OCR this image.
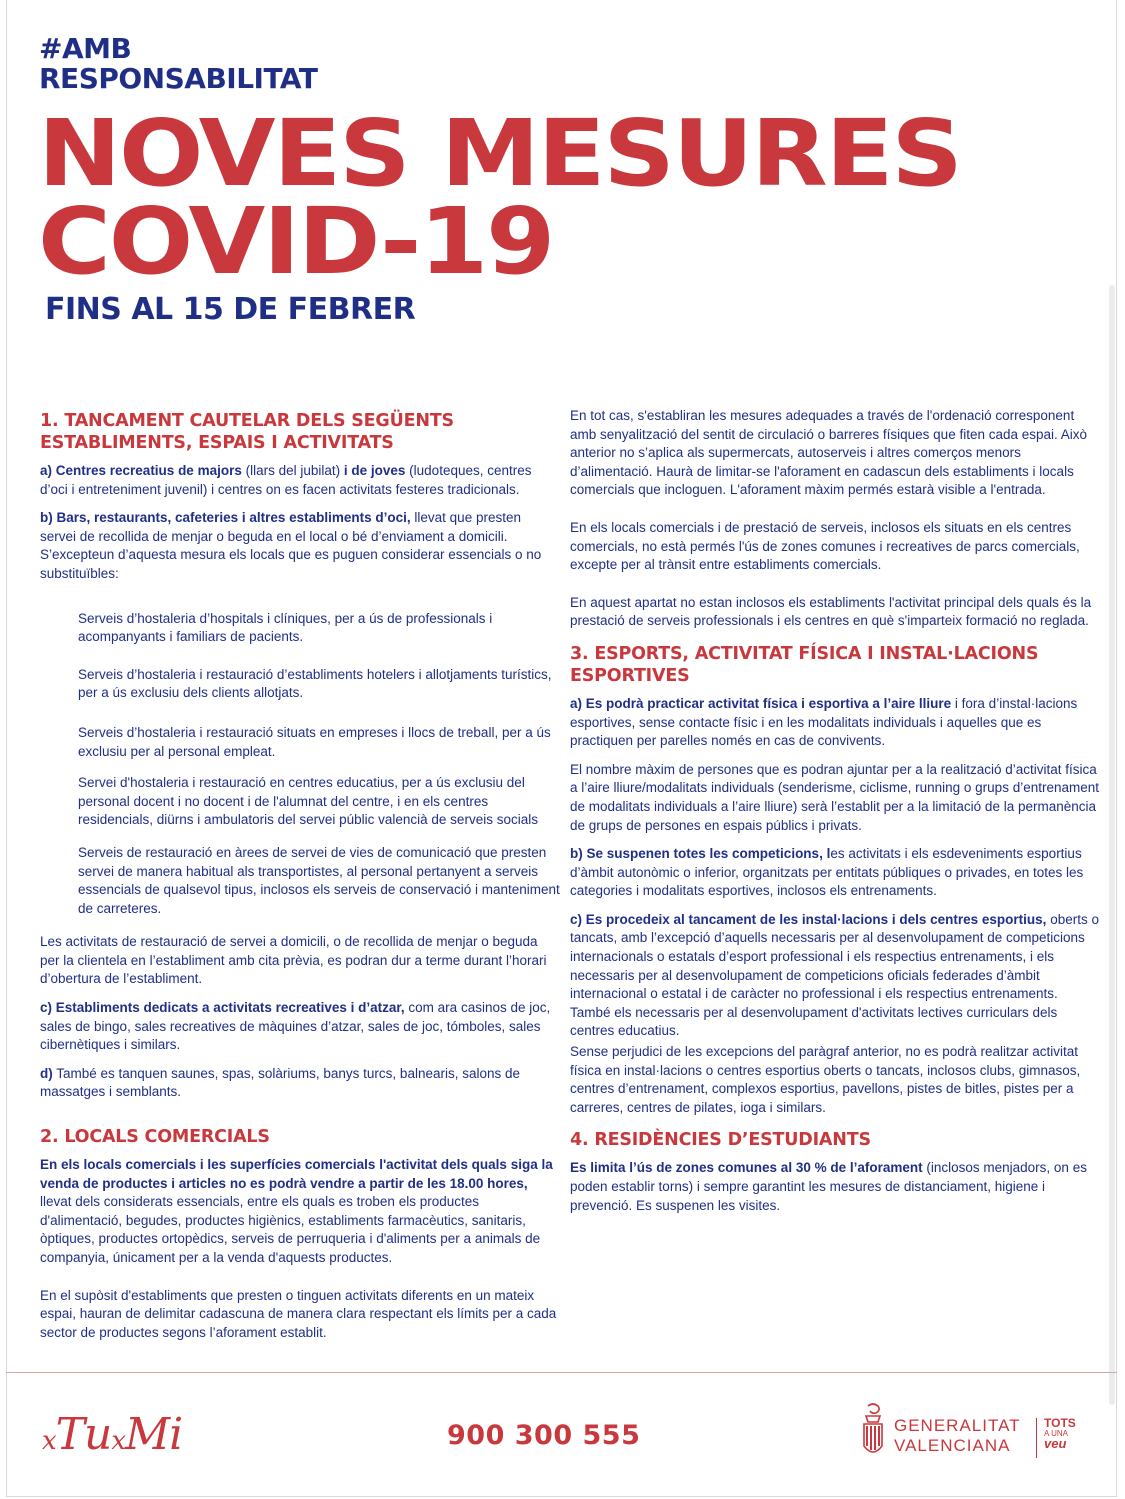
#AMB
RESPONSABILITAT
NOVES MESURES
COVID-19
FINS AL 15 DE FEBRER
1. TANCAMENT CAUTELAR DELS SEGÜENTS
ESTABLIMENTS, ESPAIS I ACTIVITATS

a) Centres recreatius de majors (llars del jubilat) i de joves (ludoteques, centres d’oci i entreteniment juvenil) i centres on es facen activitats festeres tradicionals.

b) Bars, restaurants, cafeteries i altres establiments d’oci, llevat que presten servei de recollida de menjar o beguda en el local o bé d’enviament a domicili. S’excepteun d’aquesta mesura els locals que es puguen considerar essencials o no substituïbles:

Serveis d’hostaleria d’hospitals i clíniques, per a ús de professionals i acompanyants i familiars de pacients.

Serveis d’hostaleria i restauració d’establiments hotelers i allotjaments turístics, per a ús exclusiu dels clients allotjats.

Serveis d’hostaleria i restauració situats en empreses i llocs de treball, per a ús exclusiu per al personal empleat.

Servei d'hostaleria i restauració en centres educatius, per a ús exclusiu del personal docent i no docent i de l'alumnat del centre, i en els centres residencials, diürns i ambulatoris del servei públic valencià de serveis socials

Serveis de restauració en àrees de servei de vies de comunicació que presten servei de manera habitual als transportistes, al personal pertanyent a serveis essencials de qualsevol tipus, inclosos els serveis de conservació i manteniment de carreteres.

Les activitats de restauració de servei a domicili, o de recollida de menjar o beguda per la clientela en l’establiment amb cita prèvia, es podran dur a terme durant l’horari d’obertura de l’establiment.

c) Establiments dedicats a activitats recreatives i d’atzar, com ara casinos de joc, sales de bingo, sales recreatives de màquines d’atzar, sales de joc, tómboles, sales cibernètiques i similars.

d) També es tanquen saunes, spas, solàriums, banys turcs, balnearis, salons de massatges i semblants.

2. LOCALS COMERCIALS

En els locals comercials i les superfícies comercials l'activitat dels quals siga la venda de productes i articles no es podrà vendre a partir de les 18.00 hores, llevat dels considerats essencials, entre els quals es troben els productes d'alimentació, begudes, productes higiènics, establiments farmacèutics, sanitaris, òptiques, productes ortopèdics, serveis de perruqueria i d'aliments per a animals de companyia, únicament per a la venda d'aquests productes.

En el supòsit d'establiments que presten o tinguen activitats diferents en un mateix espai, hauran de delimitar cadascuna de manera clara respectant els límits per a cada sector de productes segons l’aforament establit.

En tot cas, s'establiran les mesures adequades a través de l'ordenació corresponent amb senyalització del sentit de circulació o barreres físiques que fiten cada espai. Això anterior no s’aplica als supermercats, autoserveis i altres comerços menors d’alimentació. Haurà de limitar-se l'aforament en cadascun dels establiments i locals comercials que incloguen. L'aforament màxim permés estarà visible a l'entrada.

En els locals comercials i de prestació de serveis, inclosos els situats en els centres comercials, no està permés l'ús de zones comunes i recreatives de parcs comercials, excepte per al trànsit entre establiments comercials.

En aquest apartat no estan inclosos els establiments l'activitat principal dels quals és la prestació de serveis professionals i els centres en què s'imparteix formació no reglada.

3. ESPORTS, ACTIVITAT FÍSICA I INSTAL·LACIONS
ESPORTIVES

a) Es podrà practicar activitat física i esportiva a l’aire lliure i fora d’instal·lacions esportives, sense contacte físic i en les modalitats individuals i aquelles que es practiquen per parelles només en cas de convivents.

El nombre màxim de persones que es podran ajuntar per a la realització d’activitat física a l’aire lliure/modalitats individuals (senderisme, ciclisme, running o grups d’entrenament de modalitats individuals a l’aire lliure) serà l’establit per a la limitació de la permanència de grups de persones en espais públics i privats.

b) Se suspenen totes les competicions, les activitats i els esdeveniments esportius d’àmbit autonòmic o inferior, organitzats per entitats públiques o privades, en totes les categories i modalitats esportives, inclosos els entrenaments.

c) Es procedeix al tancament de les instal·lacions i dels centres esportius, oberts o tancats, amb l’excepció d’aquells necessaris per al desenvolupament de competicions internacionals o estatals d’esport professional i els respectius entrenaments, i els necessaris per al desenvolupament de competicions oficials federades d’àmbit internacional o estatal i de caràcter no professional i els respectius entrenaments. També els necessaris per al desenvolupament d'activitats lectives curriculars dels centres educatius.

Sense perjudici de les excepcions del paràgraf anterior, no es podrà realitzar activitat física en instal·lacions o centres esportius oberts o tancats, inclosos clubs, gimnasos, centres d’entrenament, complexos esportius, pavellons, pistes de bitles, pistes per a carreres, centres de pilates, ioga i similars.

4. RESIDÈNCIES D’ESTUDIANTS

Es limita l’ús de zones comunes al 30 % de l’aforament (inclosos menjadors, on es poden establir torns) i sempre garantint les mesures de distanciament, higiene i prevenció. Es suspenen les visites.

xTuxMi	900 300 555	GENERALITAT
VALENCIANA
TOTS
A UNA
veu
